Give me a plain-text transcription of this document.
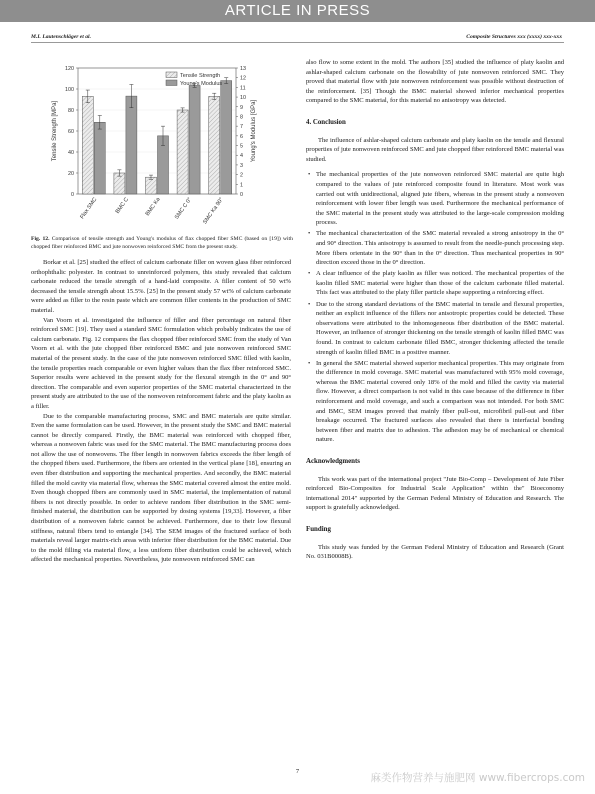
ARTICLE IN PRESS
M.I. Lautenschläger et al.	Composite Structures xxx (xxxx) xxx-xxx
0
20
40
60
80
100
120
0
1
2
3
4
5
6
7
8
9
10
11
12
13
Tensile Strength [MPa]	Young's Modulus [GPa]
Flax SMC	BMC C	BMC Ka SMC C 0° SMC Ka 90°
Tensile Strength
Young's Modulus
Fig. 12. Comparison of tensile strength and Young's modulus of flax chopped fiber SMC (based on [19]) with chopped fiber reinforced BMC and jute nonwoven reinforced SMC from the present study.

Borkar et al. [25] studied the effect of calcium carbonate filler on woven glass fiber reinforced orthophthalic polyester. In contrast to unreinforced polymers, this study revealed that calcium carbonate reduced the tensile strength of a hand-laid composite. A filler content of 50 wt% decreased the tensile strength about 15.5%. [25] In the present study 57 wt% of calcium carbonate were added as filler to the resin paste which are common filler contents in the production of SMC material.

Van Voorn et al. investigated the influence of filler and fiber percentage on natural fiber reinforced SMC [19]. They used a standard SMC formulation which probably indicates the use of calcium carbonate. Fig. 12 compares the flax chopped fiber reinforced SMC from the study of Van Voorn et al. with the jute chopped fiber reinforced BMC and jute nonwoven reinforced SMC material of the present study. In the case of the jute nonwoven reinforced SMC filled with kaolin, the tensile properties reach comparable or even higher values than the flax fiber reinforced SMC. Superior results were achieved in the present study for the flexural strength in the 0° and 90° direction. The comparable and even superior properties of the SMC material characterized in the present study are attributed to the use of the nonwoven reinforcement fabric and the platy kaolin as a filler.

Due to the comparable manufacturing process, SMC and BMC materials are quite similar. Even the same formulation can be used. However, in the present study the SMC and BMC material cannot be directly compared. Firstly, the BMC material was reinforced with chopped fiber, whereas a nonwoven fabric was used for the SMC material. The BMC manufacturing process does not allow the use of nonwovens. The fiber length in nonwoven fabrics exceeds the fiber length of the chopped fibers used. Furthermore, the fibers are oriented in the vertical plane [18], ensuring an even fiber distribution and supporting the mechanical properties. And secondly, the BMC material filled the mold cavity via material flow, whereas the SMC material covered almost the entire mold. Even though chopped fibers are commonly used in SMC material, the implementation of natural fibers is not directly possible. In order to achieve random fiber distribution in the SMC semi-finished material, the distribution can be supported by dosing systems [19,33]. However, a fiber distribution of a nonwoven fabric cannot be achieved. Furthermore, due to their low flexural stiffness, natural fibers tend to entangle [34]. The SEM images of the fractured surface of both materials reveal larger matrix-rich areas with inferior fiber distribution for the BMC material. Due to the mold filling via material flow, a less uniform fiber distribution could be achieved, which affected the mechanical properties. Nevertheless, jute nonwoven reinforced SMC can

also flow to some extent in the mold. The authors [35] studied the influence of platy kaolin and ashlar-shaped calcium carbonate on the flowability of jute nonwoven reinforced SMC. They proved that material flow with jute nonwoven reinforcement was possible without destruction of the reinforcement. [35] Though the BMC material showed inferior mechanical properties compared to the SMC material, for this material no anisotropy was detected.

4. Conclusion

The influence of ashlar-shaped calcium carbonate and platy kaolin on the tensile and flexural properties of jute nonwoven reinforced SMC and jute chopped fiber reinforced BMC material was studied.

• The mechanical properties of the jute nonwoven reinforced SMC material are quite high compared to the values of jute reinforced composite found in literature. Most work was carried out with unidirectional, aligned jute fibers, whereas in the present study a nonwoven reinforcement with lower fiber length was used. Furthermore the mechanical performance of the SMC material in the present study was attributed to the large-scale compression molding process.
• The mechanical characterization of the SMC material revealed a strong anisotropy in the 0° and 90° direction. This anisotropy is assumed to result from the needle-punch processing step. More fibers orientate in the 90° than in the 0° direction. Thus mechanical properties in 90° direction exceed those in the 0° direction.
• A clear influence of the platy kaolin as filler was noticed. The mechanical properties of the kaolin filled SMC material were higher than those of the calcium carbonate filled material. This fact was attributed to the platy filler particle shape supporting a reinforcing effect.
• Due to the strong standard deviations of the BMC material in tensile and flexural properties, neither an explicit influence of the fillers nor anisotropic properties could be detected. These observations were attributed to the inhomogeneous fiber distribution of the BMC material. However, an influence of stronger thickening on the tensile strength of kaolin filled BMC was found. In contrast to calcium carbonate filled BMC, stronger thickening affected the tensile strength of kaolin filled BMC in a positive manner.
• In general the SMC material showed superior mechanical properties. This may originate from the difference in mold coverage. SMC material was manufactured with 95% mold coverage, whereas the BMC material covered only 18% of the mold and filled the cavity via material flow. However, a direct comparison is not valid in this case because of the difference in fiber reinforcement and mold coverage, and such a comparison was not intended. For both SMC and BMC, SEM images proved that mainly fiber pull-out, microfibril pull-out and fiber breakage occurred. The fractured surfaces also revealed that there is interfacial bonding between fiber and matrix due to adhesion. The adhesion may be of mechanical or chemical nature.
Acknowledgments

This work was part of the international project "Jute Bio-Comp – Development of Jute Fiber reinforced Bio-Composites for Industrial Scale Application" within the" Bioeconomy international 2014" supported by the German Federal Ministry of Education and Research. The support is gratefully acknowledged.

Funding

This study was funded by the German Federal Ministry of Education and Research (Grant No. 031B0008B).

7
麻类作物营养与施肥网 www.fibercrops.com
